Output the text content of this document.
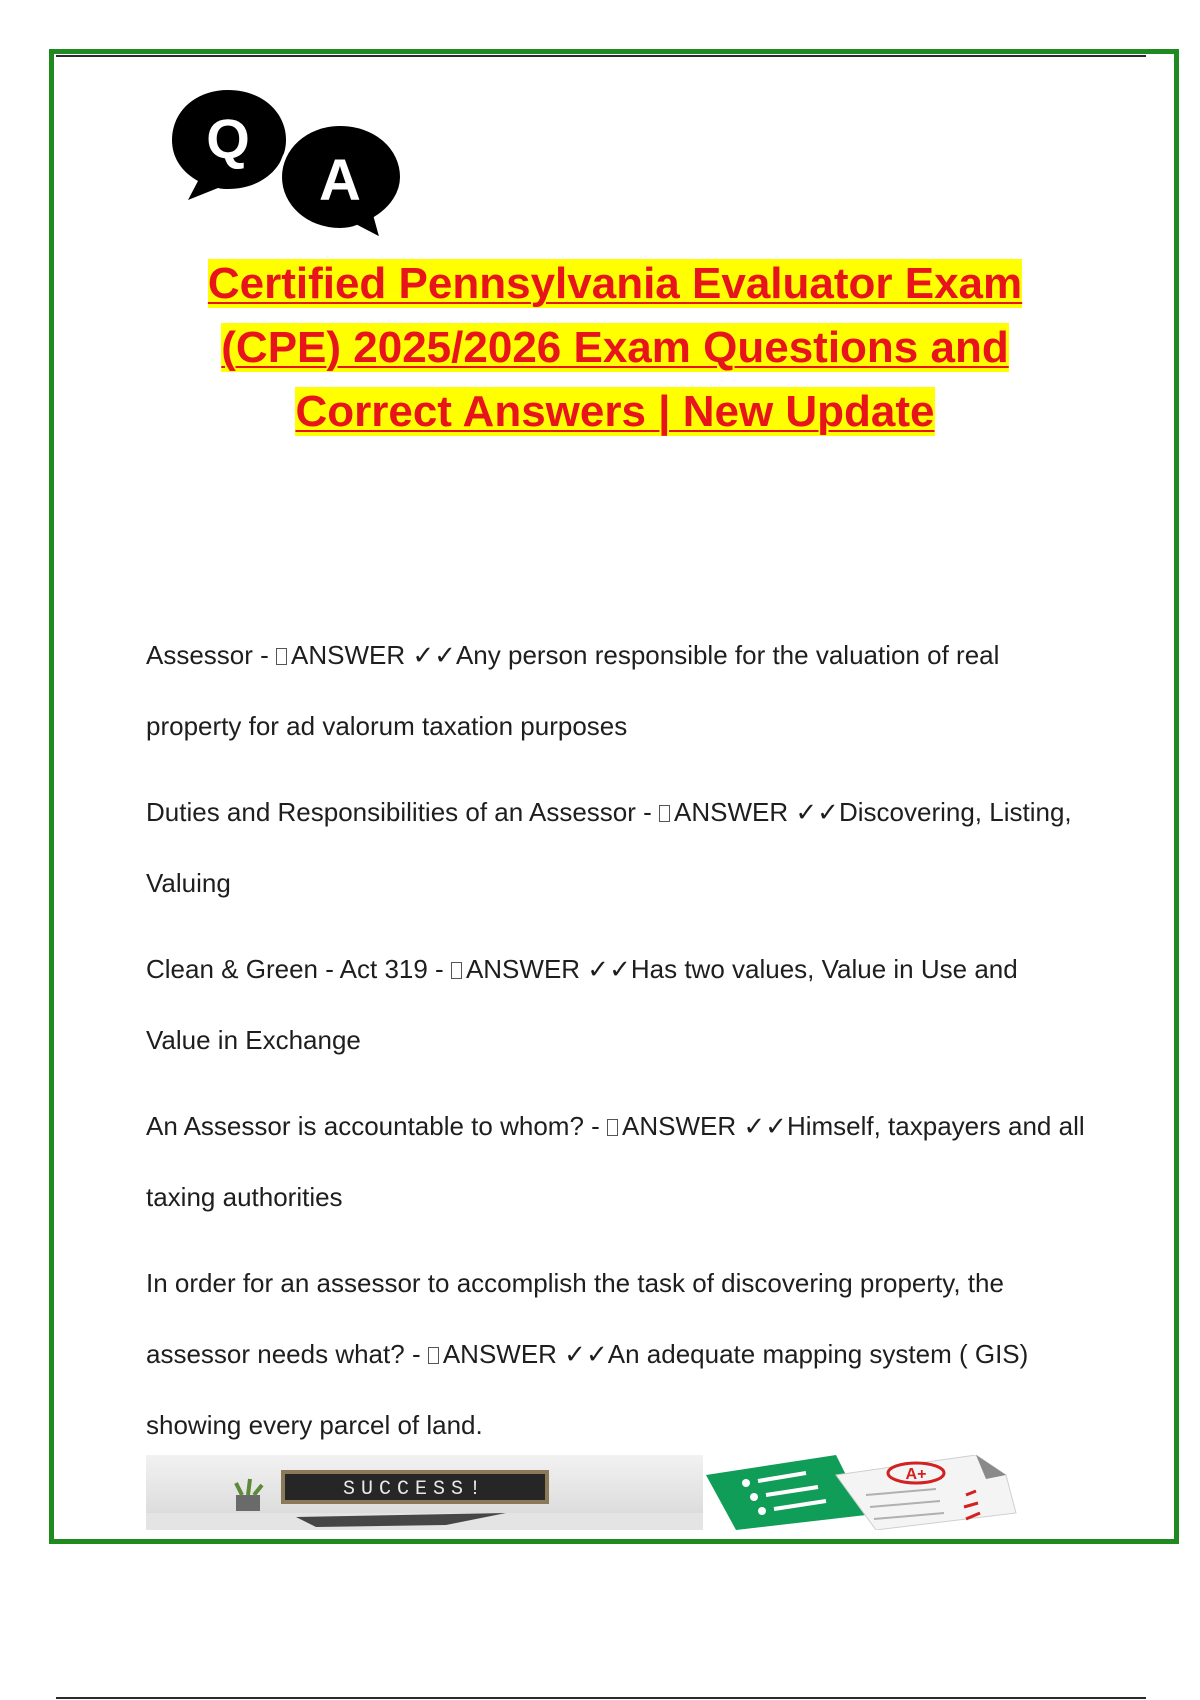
Q
A
Certified Pennsylvania Evaluator Exam
(CPE) 2025/2026 Exam Questions and
Correct Answers | New Update

Assessor - ANSWER ✓✓Any person responsible for the valuation of real property for ad valorum taxation purposes

Duties and Responsibilities of an Assessor - ANSWER ✓✓Discovering, Listing, Valuing

Clean & Green - Act 319 - ANSWER ✓✓Has two values, Value in Use and Value in Exchange

An Assessor is accountable to whom? - ANSWER ✓✓Himself, taxpayers and all taxing authorities

In order for an assessor to accomplish the task of discovering property, the assessor needs what? - ANSWER ✓✓An adequate mapping system ( GIS) showing every parcel of land.

SUCCESS!
A+
